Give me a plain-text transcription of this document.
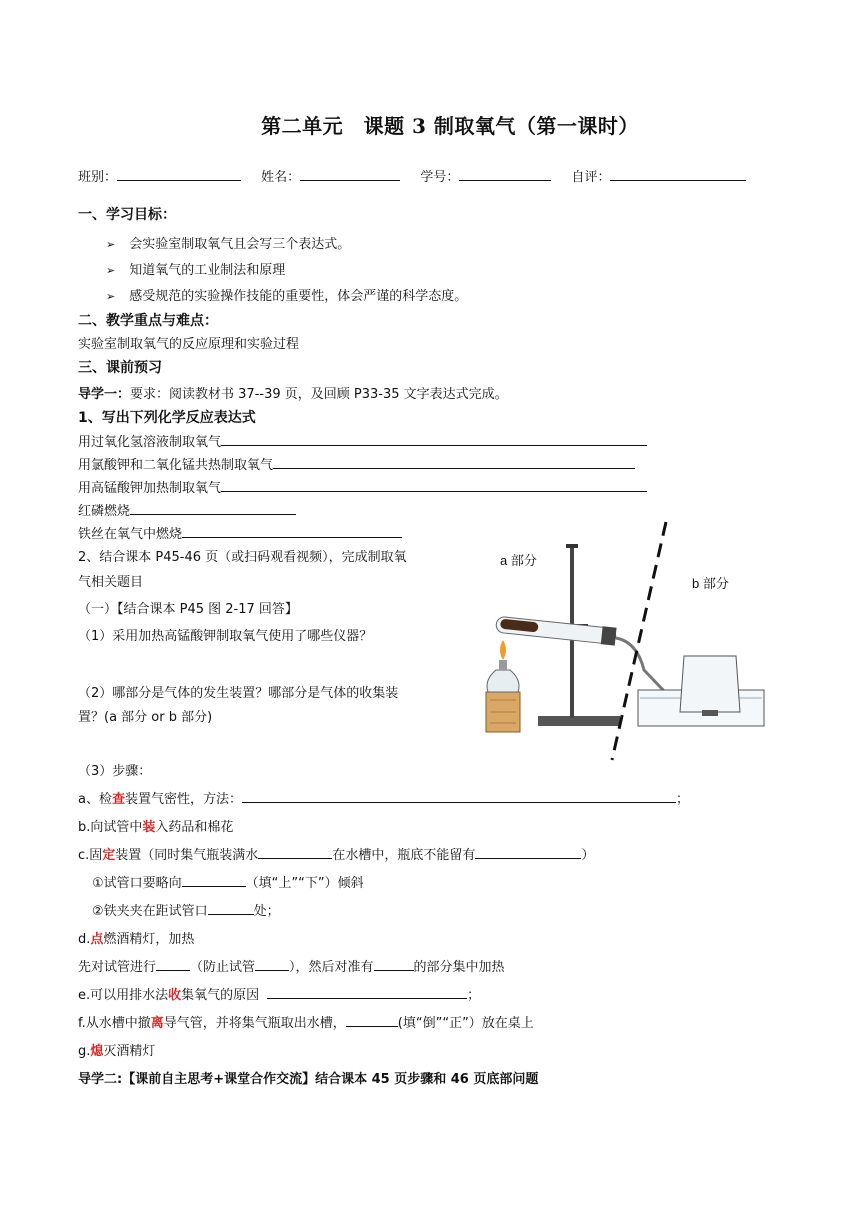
第二单元　课题 3 制取氧气（第一课时）
班别：	姓名：	学号：	自评：
一、学习目标：
➢ 会实验室制取氧气且会写三个表达式。
➢ 知道氧气的工业制法和原理
➢ 感受规范的实验操作技能的重要性，体会严谨的科学态度。
二、教学重点与难点：
实验室制取氧气的反应原理和实验过程
三、课前预习
导学一：要求：阅读教材书 37--39 页，及回顾 P33-35 文字表达式完成。
1、写出下列化学反应表达式
用过氧化氢溶液制取氧气
用氯酸钾和二氧化锰共热制取氧气
用高锰酸钾加热制取氧气
红磷燃烧
铁丝在氧气中燃烧
2、结合课本 P45-46 页（或扫码观看视频），完成制取氧
气相关题目
（一）【结合课本 P45 图 2-17 回答】
（1）采用加热高锰酸钾制取氧气使用了哪些仪器？
（2）哪部分是气体的发生装置？哪部分是气体的收集装
置？(a 部分 or b 部分)
a 部分
b 部分
（3）步骤：
a、检查装置气密性，方法：	；
b.向试管中装入药品和棉花
c.固定装置（同时集气瓶装满水	在水槽中，瓶底不能留有	）
①试管口要略向	（填“上”“下”）倾斜
②铁夹夹在距试管口	处；
d.点燃酒精灯，加热
先对试管进行	（防止试管	），然后对准有	的部分集中加热
e.可以用排水法收集氧气的原因	；
f.从水槽中撤离导气管，并将集气瓶取出水槽，	(填“倒”“正”）放在桌上
g.熄灭酒精灯
导学二:【课前自主思考+课堂合作交流】结合课本 45 页步骤和 46 页底部问题
